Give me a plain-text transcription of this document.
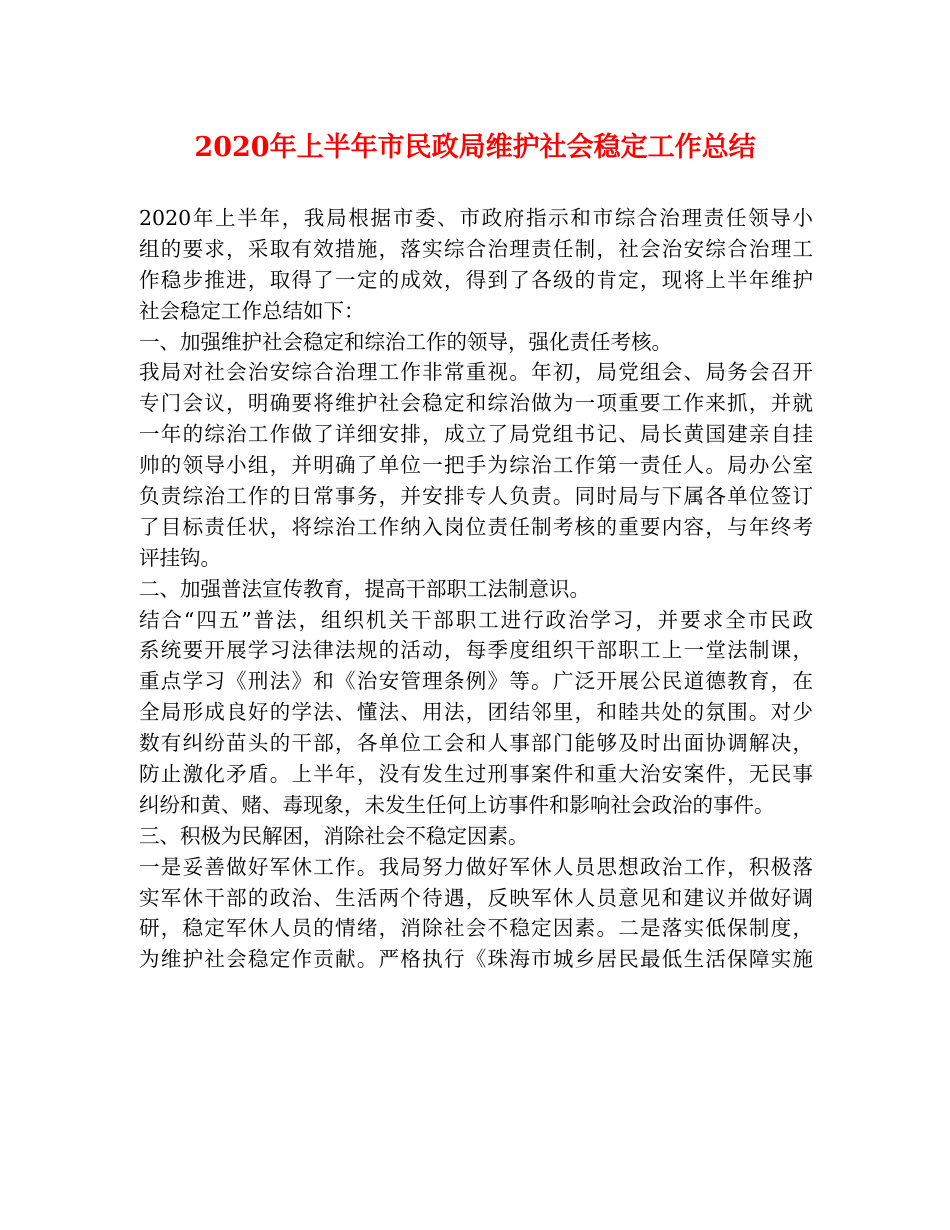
2020年上半年市民政局维护社会稳定工作总结
2020年上半年，我局根据市委、市政府指示和市综合治理责任领导小
组的要求，采取有效措施，落实综合治理责任制，社会治安综合治理工
作稳步推进，取得了一定的成效，得到了各级的肯定，现将上半年维护
社会稳定工作总结如下：
一、加强维护社会稳定和综治工作的领导，强化责任考核。
我局对社会治安综合治理工作非常重视。年初，局党组会、局务会召开
专门会议，明确要将维护社会稳定和综治做为一项重要工作来抓，并就
一年的综治工作做了详细安排，成立了局党组书记、局长黄国建亲自挂
帅的领导小组，并明确了单位一把手为综治工作第一责任人。局办公室
负责综治工作的日常事务，并安排专人负责。同时局与下属各单位签订
了目标责任状，将综治工作纳入岗位责任制考核的重要内容，与年终考
评挂钩。
二、加强普法宣传教育，提高干部职工法制意识。
结合“四五”普法，组织机关干部职工进行政治学习，并要求全市民政
系统要开展学习法律法规的活动，每季度组织干部职工上一堂法制课，
重点学习《刑法》和《治安管理条例》等。广泛开展公民道德教育，在
全局形成良好的学法、懂法、用法，团结邻里，和睦共处的氛围。对少
数有纠纷苗头的干部，各单位工会和人事部门能够及时出面协调解决，
防止激化矛盾。上半年，没有发生过刑事案件和重大治安案件，无民事
纠纷和黄、赌、毒现象，未发生任何上访事件和影响社会政治的事件。
三、积极为民解困，消除社会不稳定因素。
一是妥善做好军休工作。我局努力做好军休人员思想政治工作，积极落
实军休干部的政治、生活两个待遇，反映军休人员意见和建议并做好调
研，稳定军休人员的情绪，消除社会不稳定因素。二是落实低保制度，
为维护社会稳定作贡献。严格执行《珠海市城乡居民最低生活保障实施
